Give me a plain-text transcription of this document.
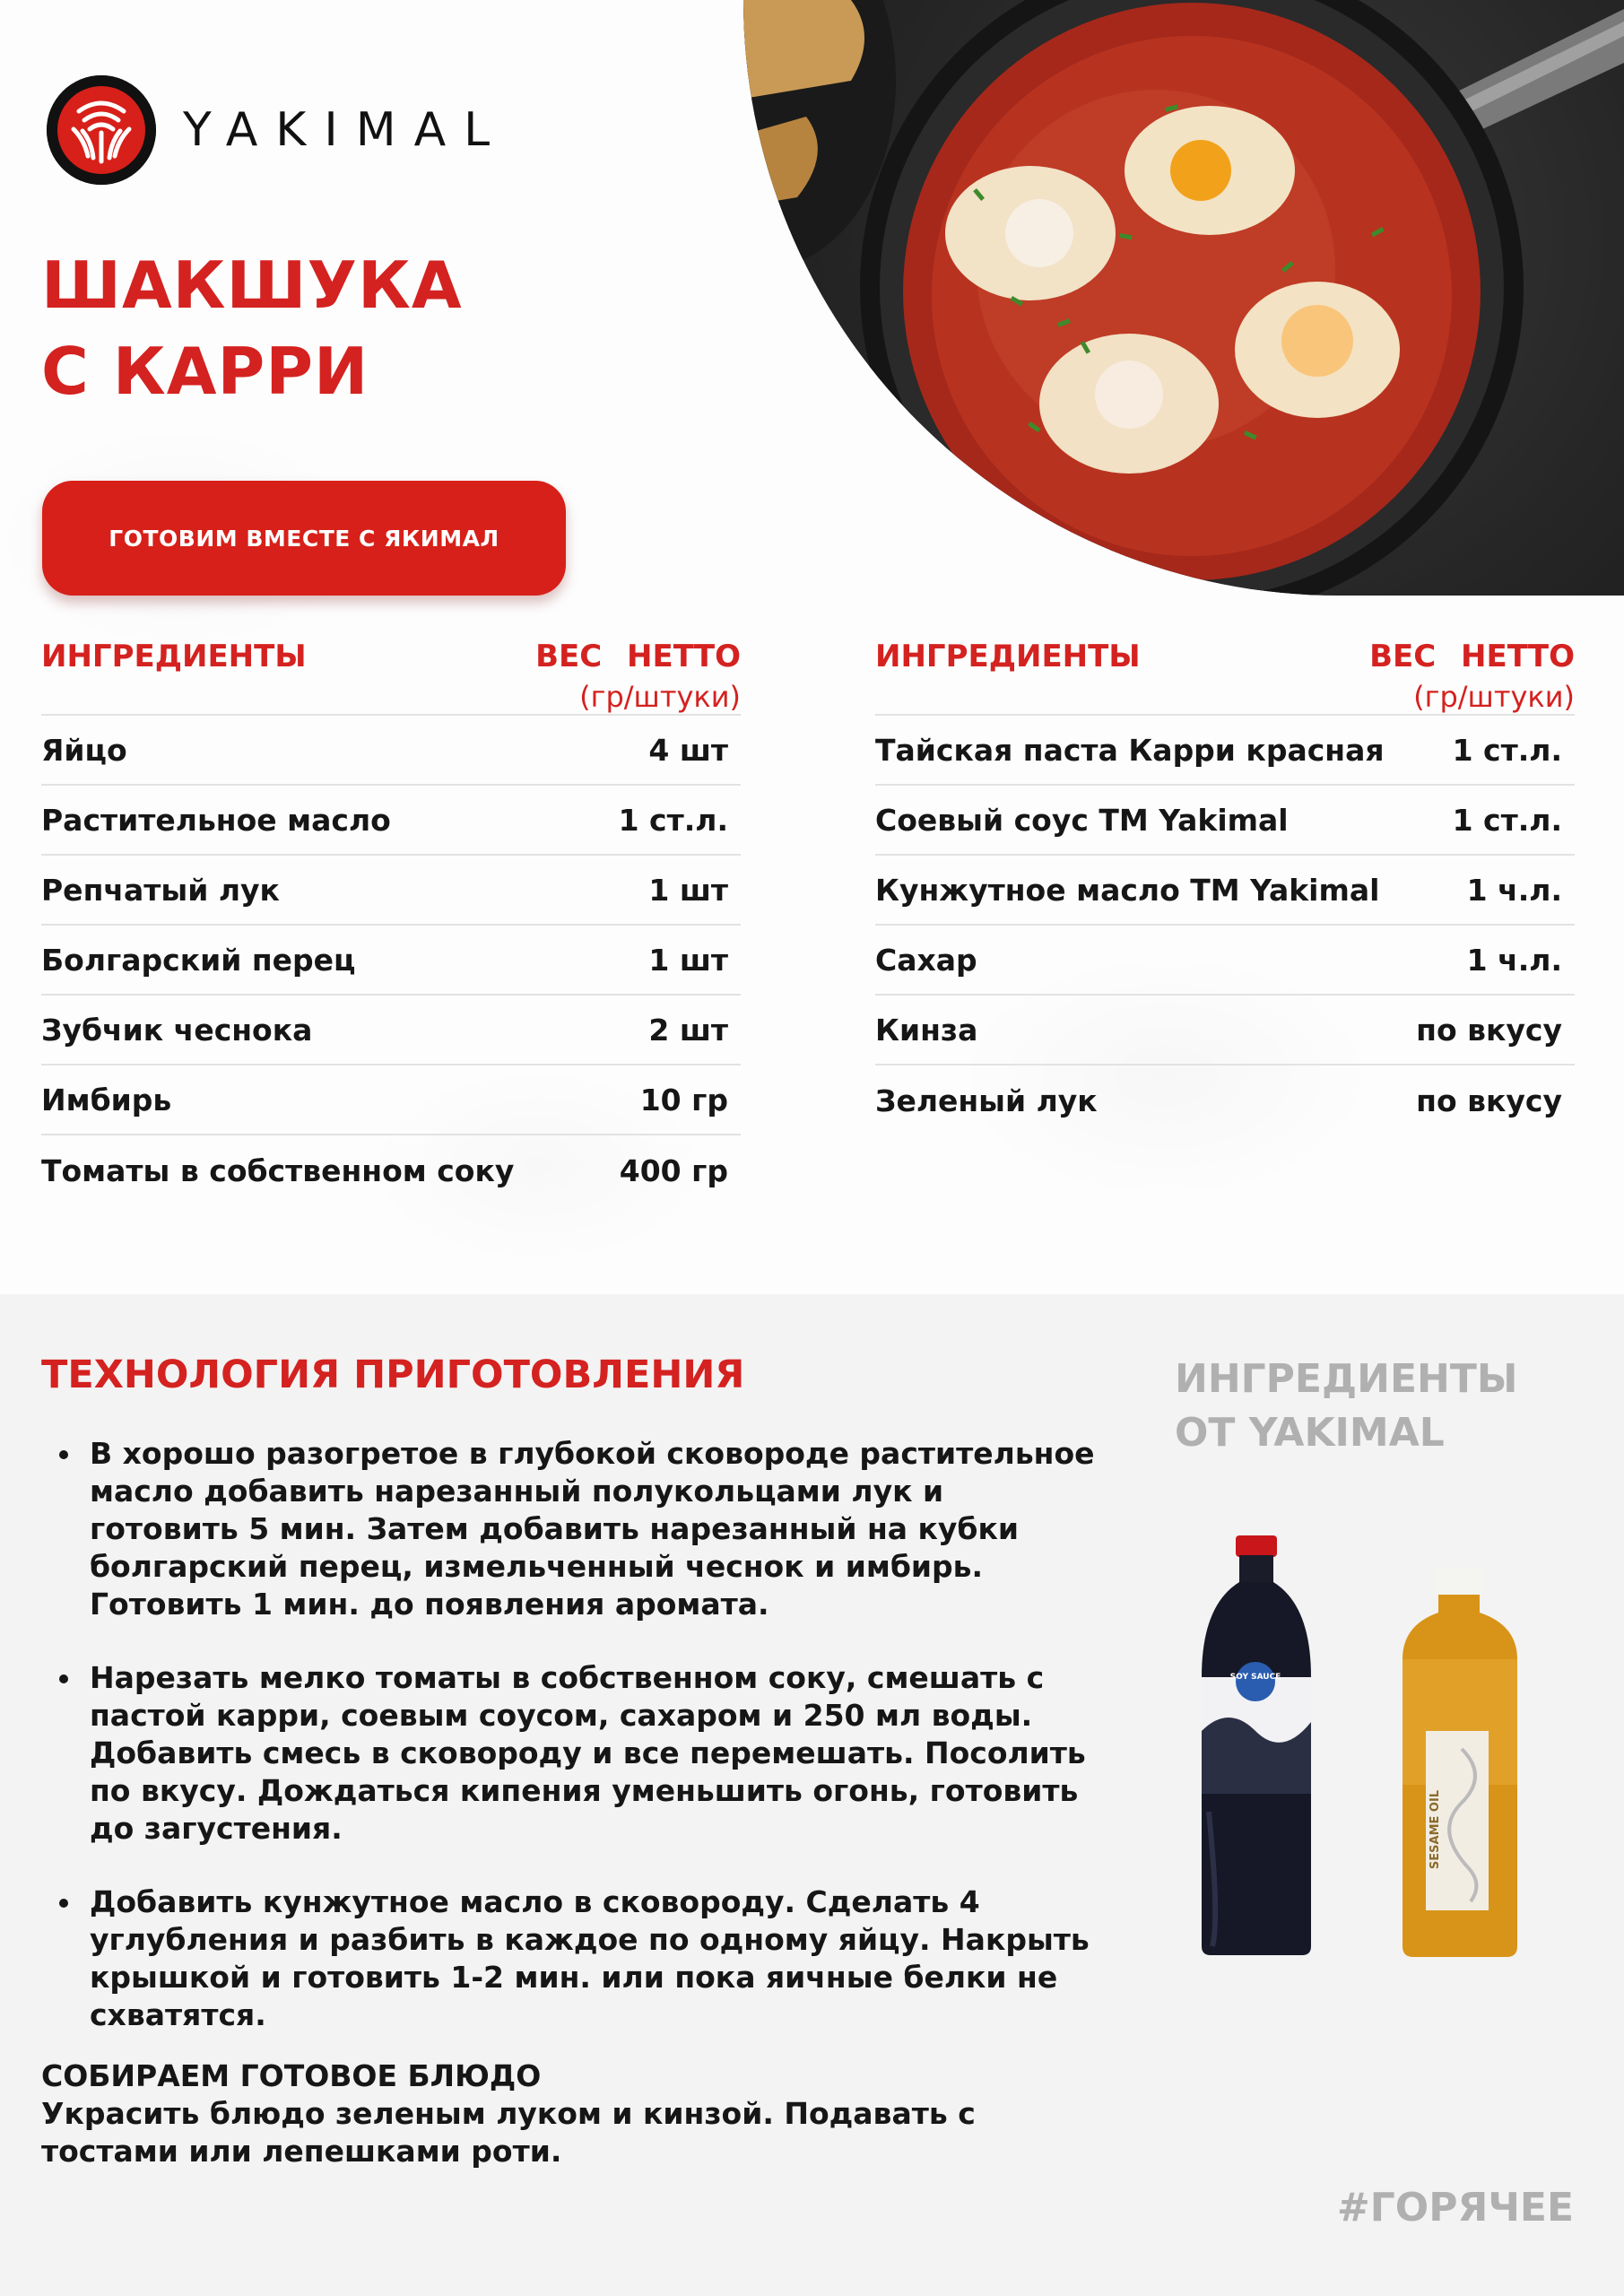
YAKIMAL
ШАКШУКА
С КАРРИ
ГОТОВИМ ВМЕСТЕ С ЯКИМАЛ
ИНГРЕДИЕНТЫ	ВЕС НЕТТО
(гр/штуки)
Яйцо	4 шт
Растительное масло	1 ст.л.
Репчатый лук	1 шт
Болгарский перец	1 шт
Зубчик чеснока	2 шт
Имбирь	10 гр
Томаты в собственном соку	400 гр
ИНГРЕДИЕНТЫ	ВЕС НЕТТО
(гр/штуки)
Тайская паста Карри красная 1 ст.л.
Соевый соус ТМ Yakimal	1 ст.л.
Кунжутное масло ТМ Yakimal	1 ч.л.
Сахар	1 ч.л.
Кинза	по вкусу
Зеленый лук	по вкусу
ТЕХНОЛОГИЯ ПРИГОТОВЛЕНИЯ
В хорошо разогретое в глубокой сковороде растительное масло добавить нарезанный полукольцами лук и готовить 5 мин. Затем добавить нарезанный на кубки болгарский перец, измельченный чеснок и имбирь. Готовить 1 мин. до появления аромата.
Нарезать мелко томаты в собственном соку, смешать с пастой карри, соевым соусом, сахаром и 250 мл воды. Добавить смесь в сковороду и все перемешать. Посолить по вкусу. Дождаться кипения уменьшить огонь, готовить до загустения.
Добавить кунжутное масло в сковороду. Сделать 4 углубления и разбить в каждое по одному яйцу. Накрыть крышкой и готовить 1-2 мин. или пока яичные белки не схватятся.
СОБИРАЕМ ГОТОВОЕ БЛЮДО
Украсить блюдо зеленым луком и кинзой. Подавать с тостами или лепешками роти.
ИНГРЕДИЕНТЫ
ОТ YAKIMAL
SOY SAUCE
SESAME OIL
#ГОРЯЧЕЕ
